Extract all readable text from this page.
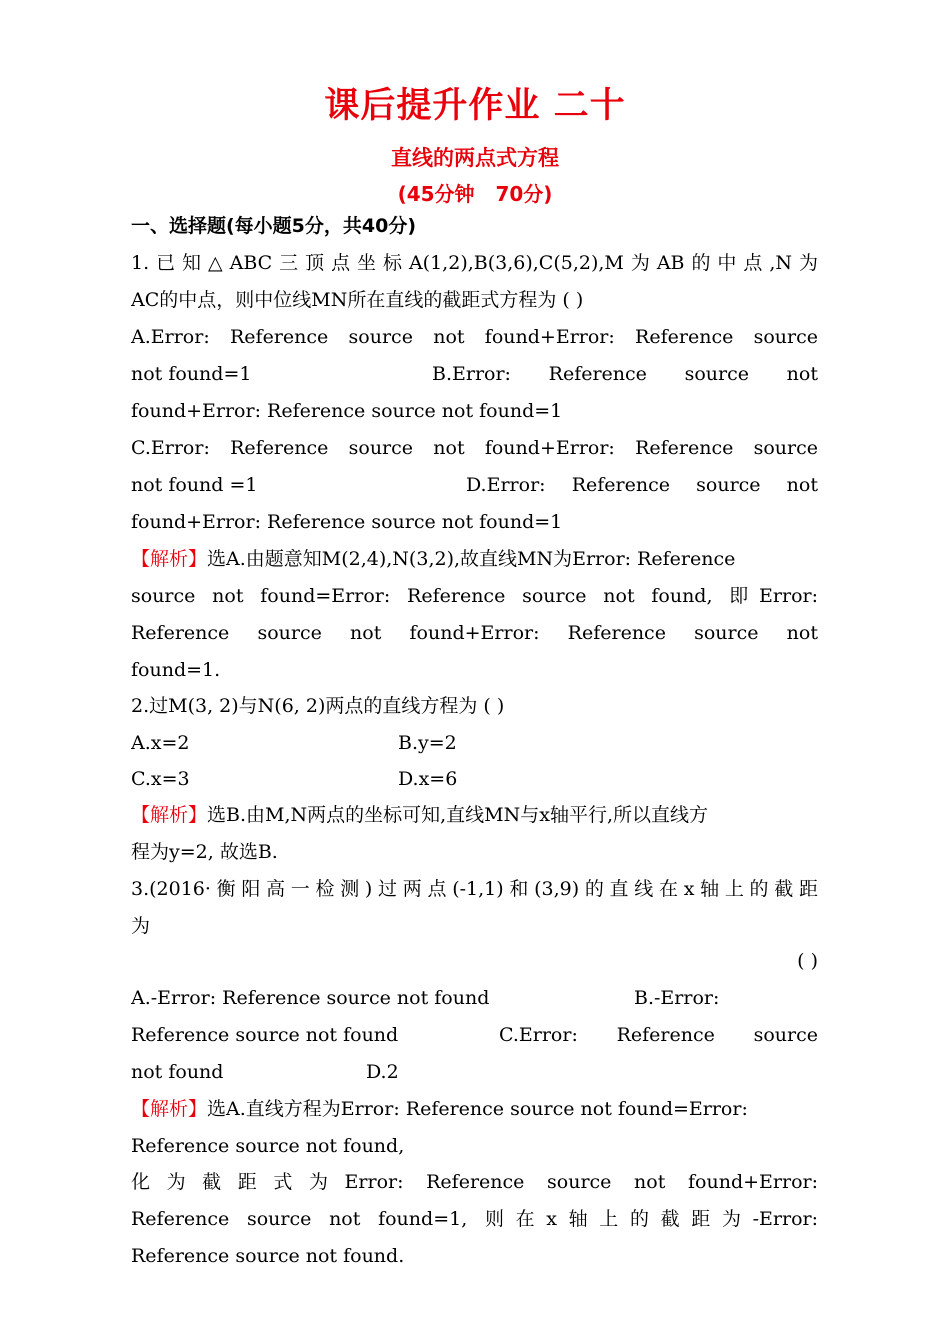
课后提升作业 二十
直线的两点式方程
(45分钟   70分)
一、选择题(每小题5分，共40分)
1.已知△ABC三顶点坐标A(1,2),B(3,6),C(5,2),M为AB的中点,N为
AC的中点，则中位线MN所在直线的截距式方程为 ( )
A.Error: Reference source not found+Error: Reference source
not found=1	B.Error: Reference source not
found+Error: Reference source not found=1
C.Error: Reference source not found+Error: Reference source
not found =1	D.Error: Reference source not
found+Error: Reference source not found=1
【解析】选A.由题意知M(2,4),N(3,2),故直线MN为Error: Reference
source not found=Error: Reference source not found, 即Error:
Reference source not found+Error: Reference source not
found=1.
2.过M(3, 2)与N(6, 2)两点的直线方程为 ( )
A.x=2	B.y=2
C.x=3	D.x=6
【解析】选B.由M,N两点的坐标可知,直线MN与x轴平行,所以直线方
程为y=2, 故选B.
3.(2016·衡阳高一检测)过两点(-1,1)和(3,9)的直线在x轴上的截距
为
( )
A.-Error: Reference source not found	B.-Error:
Reference source not found	C.Error: Reference source
not found	D.2
【解析】选A.直线方程为Error: Reference source not found=Error:
Reference source not found,
化为截距式为Error: Reference source not found+Error:
Reference source not found=1, 则在x轴上的截距为-Error:
Reference source not found.
